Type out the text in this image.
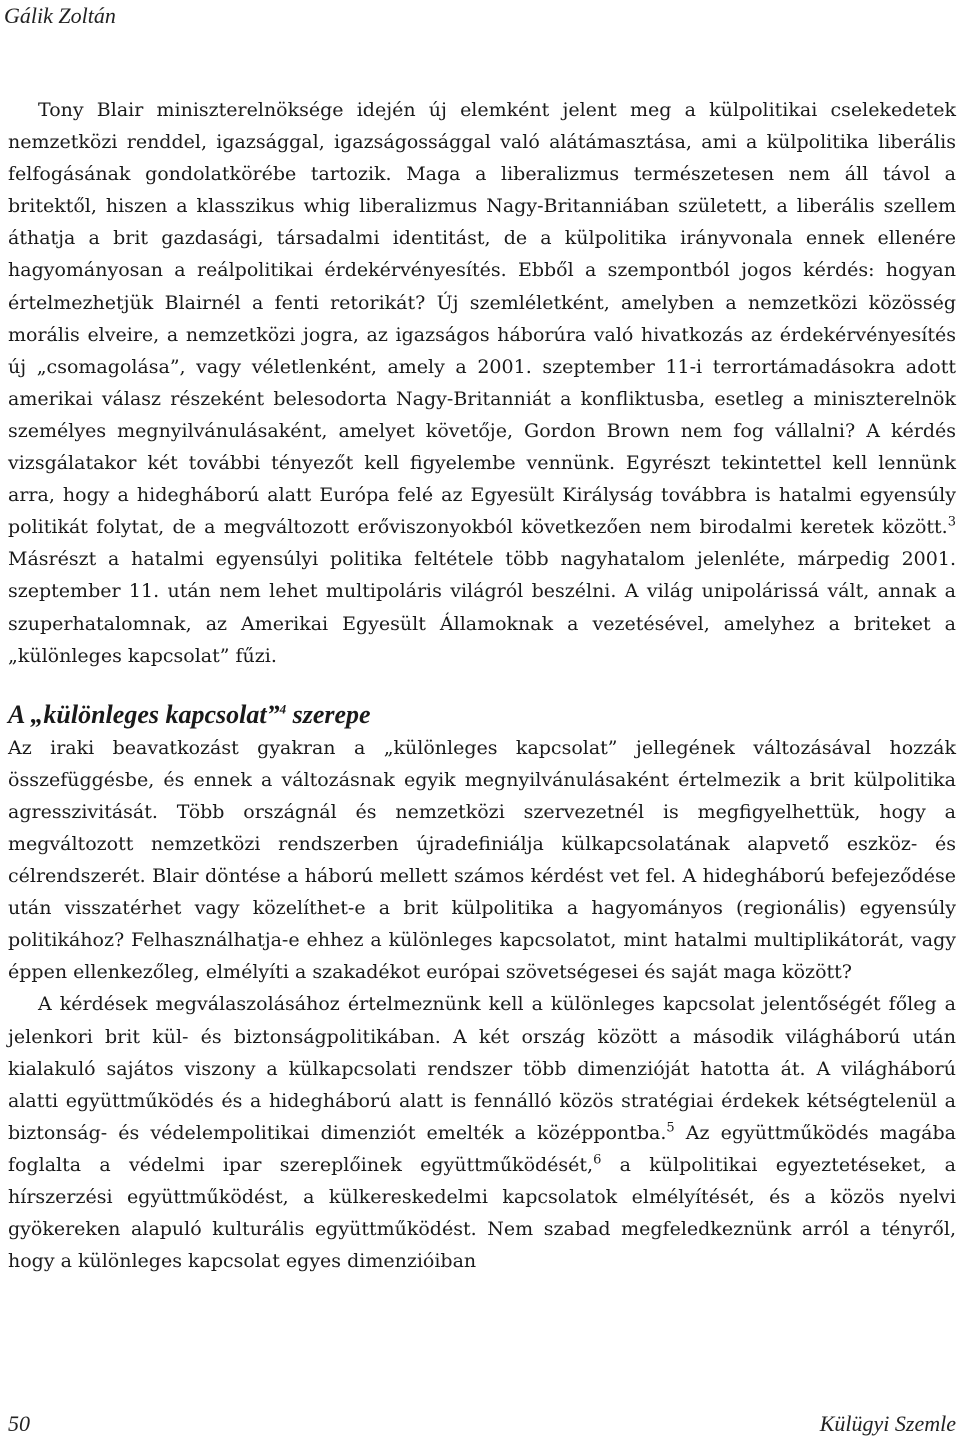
Gálik Zoltán

Tony Blair miniszterelnöksége idején új elemként jelent meg a külpolitikai cselekedetek nemzetközi renddel, igazsággal, igazságossággal való alátámasztása, ami a külpolitika liberális felfogásának gondolatkörébe tartozik. Maga a liberalizmus természetesen nem áll távol a britektől, hiszen a klasszikus whig liberalizmus Nagy-Britanniában született, a liberális szellem áthatja a brit gazdasági, társadalmi identitást, de a külpolitika irányvonala ennek ellenére hagyományosan a reálpolitikai érdekérvényesítés. Ebből a szempontból jogos kérdés: hogyan értelmezhetjük Blairnél a fenti retorikát? Új szemléletként, amelyben a nemzetközi közösség morális elveire, a nemzetközi jogra, az igazságos háborúra való hivatkozás az érdekérvényesítés új „csomagolása”, vagy véletlenként, amely a 2001. szeptember 11-i terrortámadásokra adott amerikai válasz részeként belesodorta Nagy-Britanniát a konfliktusba, esetleg a miniszterelnök személyes megnyilvánulásaként, amelyet követője, Gordon Brown nem fog vállalni? A kérdés vizsgálatakor két további tényezőt kell figyelembe vennünk. Egyrészt tekintettel kell lennünk arra, hogy a hidegháború alatt Európa felé az Egyesült Királyság továbbra is hatalmi egyensúly politikát folytat, de a megváltozott erőviszonyokból következően nem birodalmi keretek között.$^3$ Másrészt a hatalmi egyensúlyi politika feltétele több nagyhatalom jelenléte, márpedig 2001. szeptember 11. után nem lehet multipoláris világról beszélni. A világ unipolárissá vált, annak a szuperhatalomnak, az Amerikai Egyesült Államoknak a vezetésével, amelyhez a briteket a „különleges kapcsolat” fűzi.

A „különleges kapcsolat”$^4$ szerepe

Az iraki beavatkozást gyakran a „különleges kapcsolat” jellegének változásával hozzák összefüggésbe, és ennek a változásnak egyik megnyilvánulásaként értelmezik a brit külpolitika agresszivitását. Több országnál és nemzetközi szervezetnél is megfigyelhettük, hogy a megváltozott nemzetközi rendszerben újradefiniálja külkapcsolatának alapvető eszköz- és célrendszerét. Blair döntése a háború mellett számos kérdést vet fel. A hidegháború befejeződése után visszatérhet vagy közelíthet-e a brit külpolitika a hagyományos (regionális) egyensúly politikához? Felhasználhatja-e ehhez a különleges kapcsolatot, mint hatalmi multiplikátorát, vagy éppen ellenkezőleg, elmélyíti a szakadékot európai szövetségesei és saját maga között?

A kérdések megválaszolásához értelmeznünk kell a különleges kapcsolat jelentőségét főleg a jelenkori brit kül- és biztonságpolitikában. A két ország között a második világháború után kialakuló sajátos viszony a külkapcsolati rendszer több dimenzióját hatotta át. A világháború alatti együttműködés és a hidegháború alatt is fennálló közös stratégiai érdekek kétségtelenül a biztonság- és védelempolitikai dimenziót emelték a középpontba.$^5$ Az együttműködés magába foglalta a védelmi ipar szereplőinek együttműködését,$^6$ a külpolitikai egyeztetéseket, a hírszerzési együttműködést, a külkereskedelmi kapcsolatok elmélyítését, és a közös nyelvi gyökereken alapuló kulturális együttműködést. Nem szabad megfeledkeznünk arról a tényről, hogy a különleges kapcsolat egyes dimenzióiban

50	Külügyi Szemle
